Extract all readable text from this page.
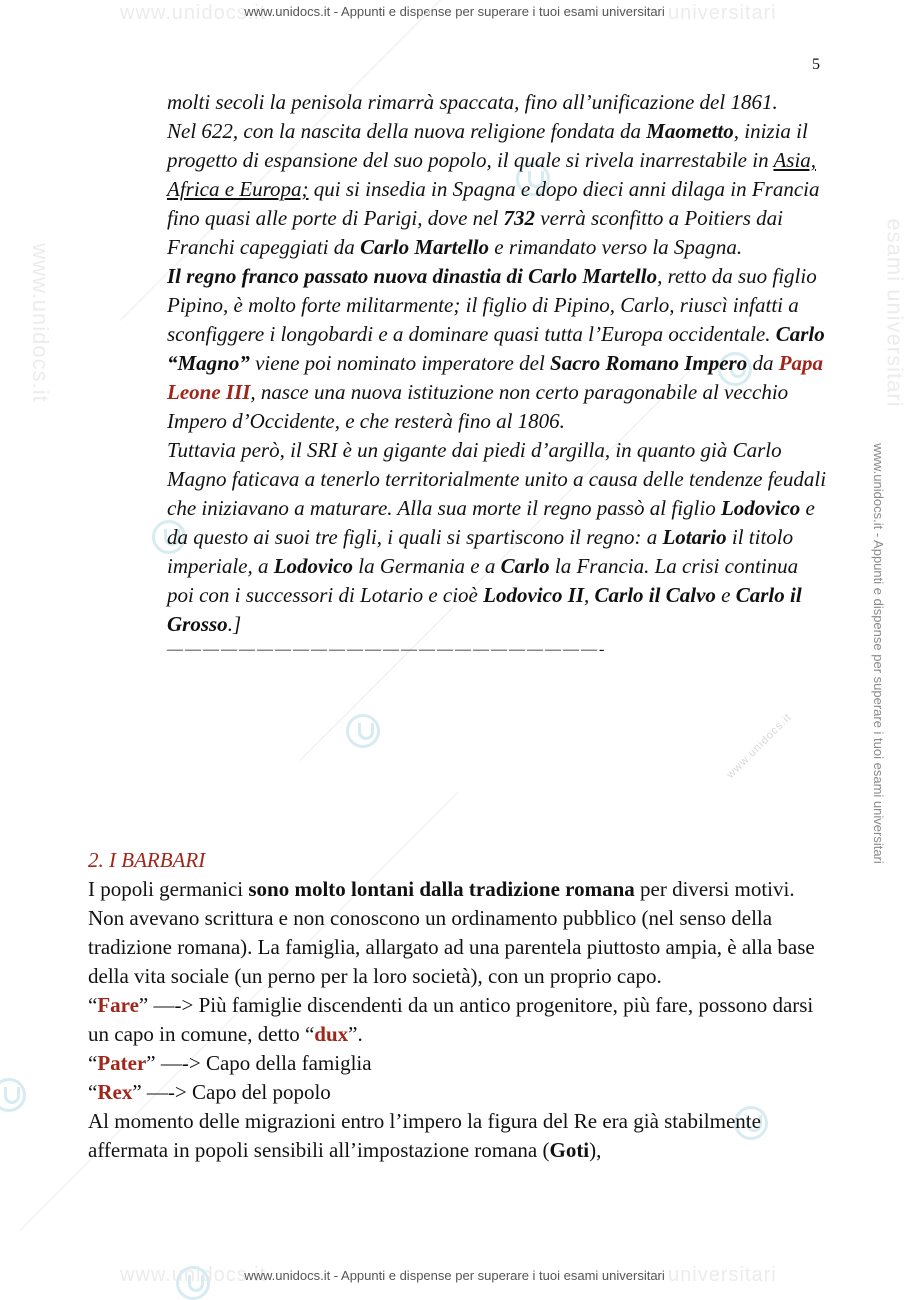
www.unidocs.it	universitari
www.unidocs.it - Appunti e dispense per superare i tuoi esami universitari
www.unidocs.it	universitari
www.unidocs.it - Appunti e dispense per superare i tuoi esami universitari
www.unidocs.it - Appunti e dispense per superare i tuoi esami universitari
www.unidocs.it	esami universitari
www.unidocs.it
5

molti secoli la penisola rimarrà spaccata, fino all’unificazione del 1861.

Nel 622, con la nascita della nuova religione fondata da Maometto, inizia il progetto di espansione del suo popolo, il quale si rivela inarrestabile in Asia, Africa e Europa; qui si insedia in Spagna e dopo dieci anni dilaga in Francia fino quasi alle porte di Parigi, dove nel 732 verrà sconfitto a Poitiers dai Franchi capeggiati da Carlo Martello e rimandato verso la Spagna.

Il regno franco passato nuova dinastia di Carlo Martello, retto da suo figlio Pipino, è molto forte militarmente; il figlio di Pipino, Carlo, riuscì infatti a sconfiggere i longobardi e a dominare quasi tutta l’Europa occidentale. Carlo “Magno” viene poi nominato imperatore del Sacro Romano Impero da Papa Leone III, nasce una nuova istituzione non certo paragonabile al vecchio Impero d’Occidente, e che resterà fino al 1806.

Tuttavia però, il SRI è un gigante dai piedi d’argilla, in quanto già Carlo Magno faticava a tenerlo territorialmente unito a causa delle tendenze feudali che iniziavano a maturare. Alla sua morte il regno passò al figlio Lodovico e da questo ai suoi tre figli, i quali si spartiscono il regno: a Lotario il titolo imperiale, a Lodovico la Germania e a Carlo la Francia. La crisi continua poi con i successori di Lotario e cioè Lodovico II, Carlo il Calvo e Carlo il Grosso.]

————————————————————————-

2. I BARBARI

I popoli germanici sono molto lontani dalla tradizione romana per diversi motivi. Non avevano scrittura e non conoscono un ordinamento pubblico (nel senso della tradizione romana). La famiglia, allargato ad una parentela piuttosto ampia, è alla base della vita sociale (un perno per la loro società), con un proprio capo.

“Fare” —-> Più famiglie discendenti da un antico progenitore, più fare, possono darsi un capo in comune, detto “dux”.

“Pater” —-> Capo della famiglia

“Rex” —-> Capo del popolo

Al momento delle migrazioni entro l’impero la figura del Re era già stabilmente affermata in popoli sensibili all’impostazione romana (Goti),
